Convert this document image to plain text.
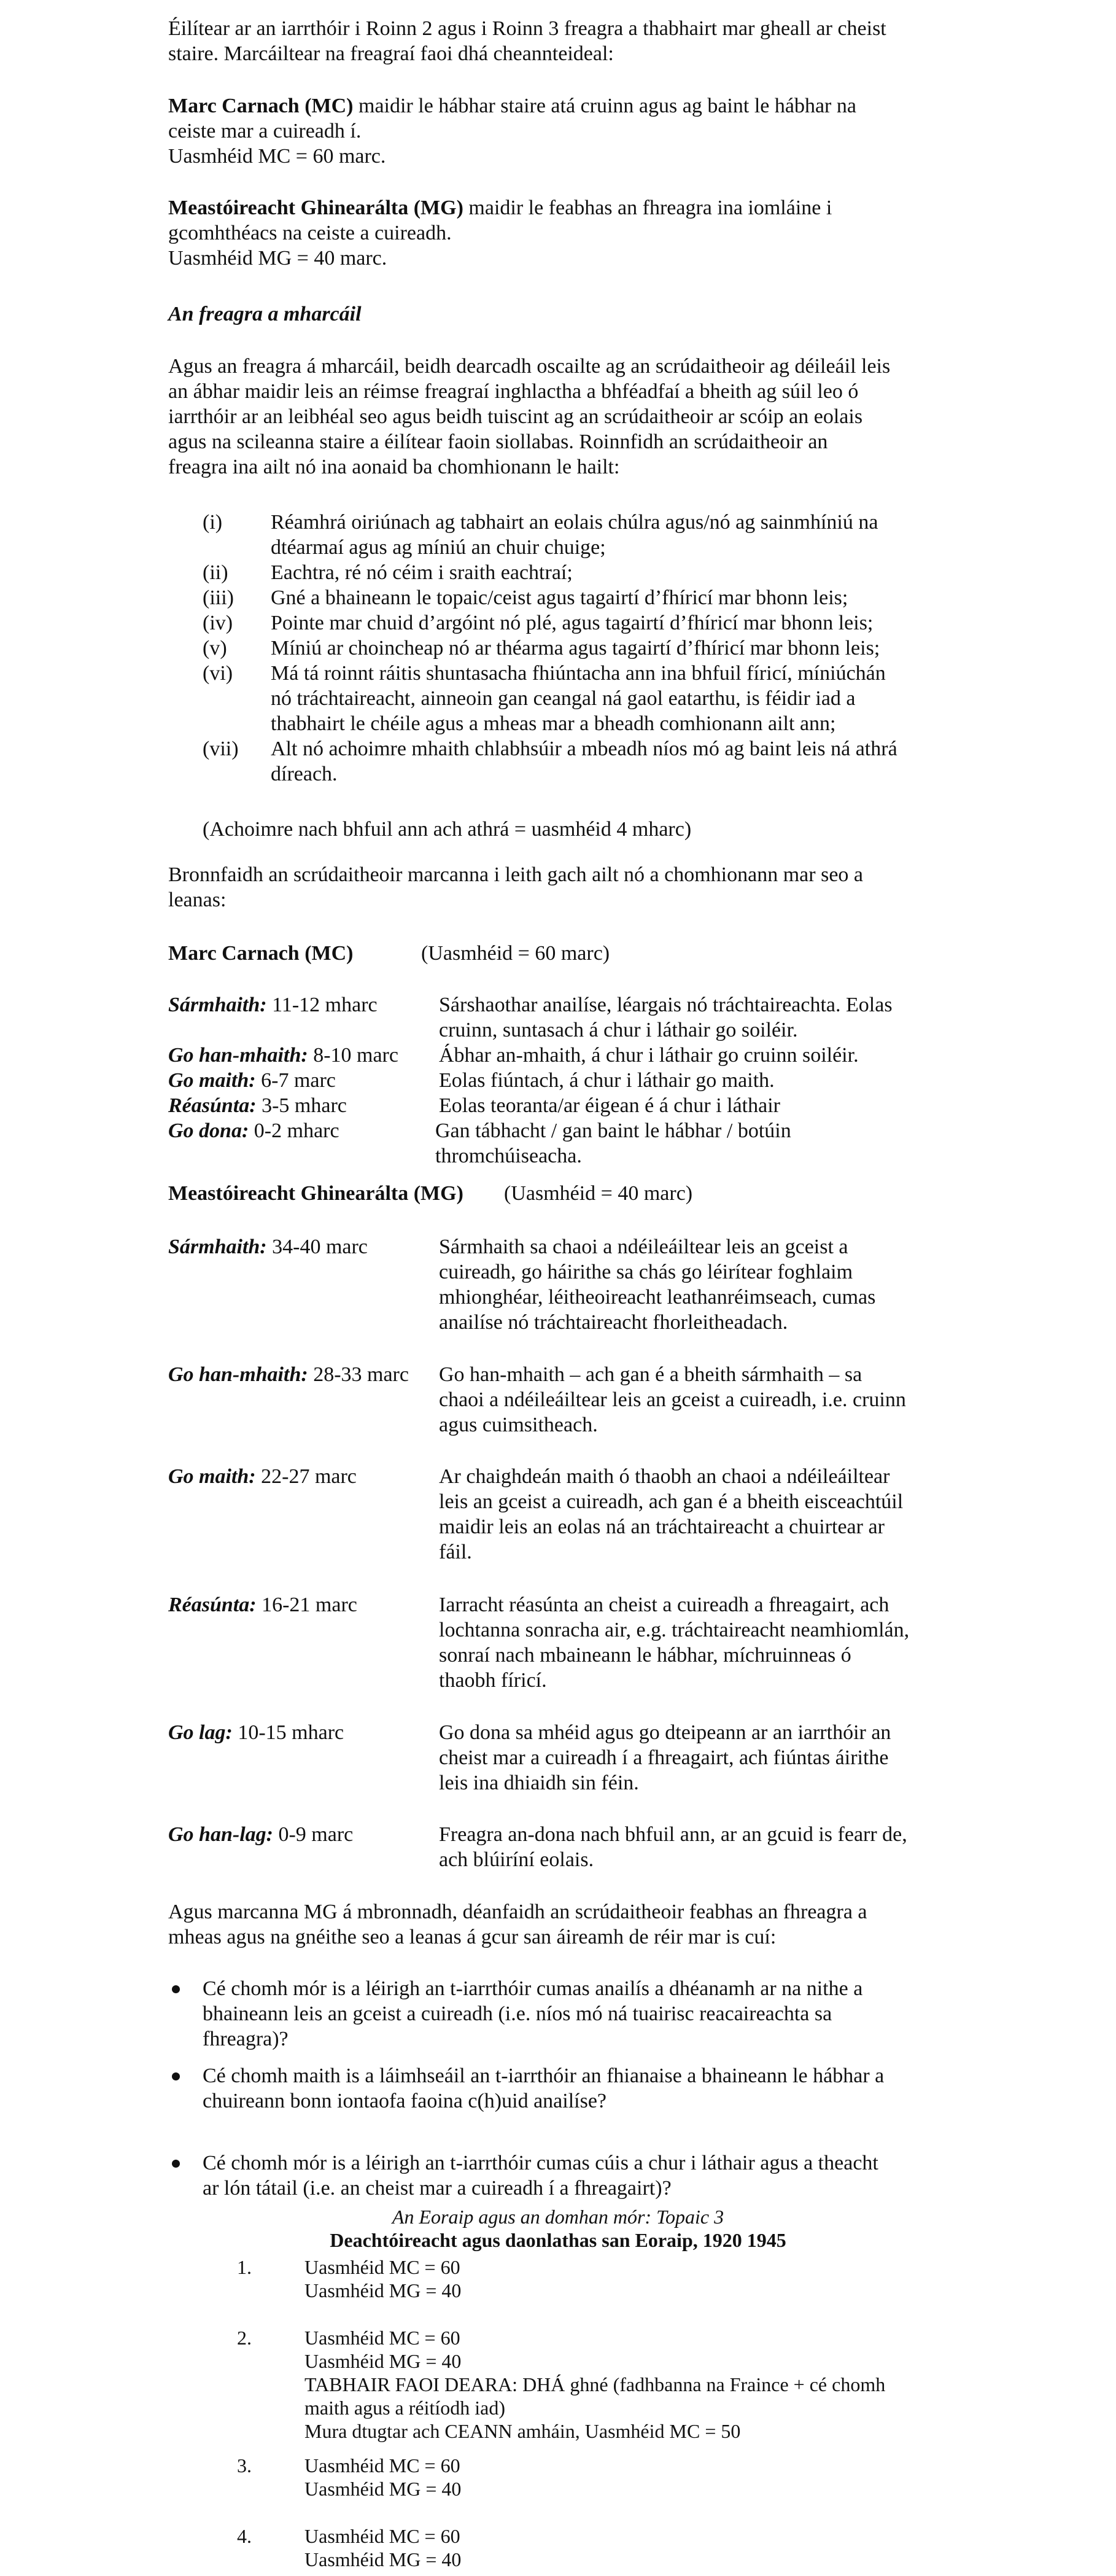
Éilítear ar an iarrthóir i Roinn 2 agus i Roinn 3 freagra a thabhairt mar gheall ar cheist
staire. Marcáiltear na freagraí faoi dhá cheannteideal:
Marc Carnach (MC) maidir le hábhar staire atá cruinn agus ag baint le hábhar na
ceiste mar a cuireadh í.
Uasmhéid MC = 60 marc.
Meastóireacht Ghinearálta (MG) maidir le feabhas an fhreagra ina iomláine i
gcomhthéacs na ceiste a cuireadh.
Uasmhéid MG = 40 marc.
An freagra a mharcáil
Agus an freagra á mharcáil, beidh dearcadh oscailte ag an scrúdaitheoir ag déileáil leis
an ábhar maidir leis an réimse freagraí inghlactha a bhféadfaí a bheith ag súil leo ó
iarrthóir ar an leibhéal seo agus beidh tuiscint ag an scrúdaitheoir ar scóip an eolais
agus na scileanna staire a éilítear faoin siollabas. Roinnfidh an scrúdaitheoir an
freagra ina ailt nó ina aonaid ba chomhionann le hailt:
(i) Réamhrá oiriúnach ag tabhairt an eolais chúlra agus/nó ag sainmhíniú na
dtéarmaí agus ag míniú an chuir chuige;
(ii) Eachtra, ré nó céim i sraith eachtraí;
(iii) Gné a bhaineann le topaic/ceist agus tagairtí d’fhíricí mar bhonn leis;
(iv) Pointe mar chuid d’argóint nó plé, agus tagairtí d’fhíricí mar bhonn leis;
(v) Míniú ar choincheap nó ar théarma agus tagairtí d’fhíricí mar bhonn leis;
(vi) Má tá roinnt ráitis shuntasacha fhiúntacha ann ina bhfuil fíricí, míniúchán
nó tráchtaireacht, ainneoin gan ceangal ná gaol eatarthu, is féidir iad a
thabhairt le chéile agus a mheas mar a bheadh comhionann ailt ann;
(vii) Alt nó achoimre mhaith chlabhsúir a mbeadh níos mó ag baint leis ná athrá
díreach.
(Achoimre nach bhfuil ann ach athrá = uasmhéid 4 mharc)
Bronnfaidh an scrúdaitheoir marcanna i leith gach ailt nó a chomhionann mar seo a
leanas:
Marc Carnach (MC)	(Uasmhéid = 60 marc)
Sármhaith: 11-12 mharc	Sárshaothar anailíse, léargais nó tráchtaireachta. Eolas
cruinn, suntasach á chur i láthair go soiléir.
Go han-mhaith: 8-10 marc Ábhar an-mhaith, á chur i láthair go cruinn soiléir.
Go maith: 6-7 marc	Eolas fiúntach, á chur i láthair go maith.
Réasúnta: 3-5 mharc	Eolas teoranta/ar éigean é á chur i láthair
Go dona: 0-2 mharc	Gan tábhacht / gan baint le hábhar / botúin
thromchúiseacha.
Meastóireacht Ghinearálta (MG) (Uasmhéid = 40 marc)
Sármhaith: 34-40 marc	Sármhaith sa chaoi a ndéileáiltear leis an gceist a
cuireadh, go háirithe sa chás go léirítear foghlaim
mhionghéar, léitheoireacht leathanréimseach, cumas
anailíse nó tráchtaireacht fhorleitheadach.
Go han-mhaith: 28-33 marc Go han-mhaith – ach gan é a bheith sármhaith – sa
chaoi a ndéileáiltear leis an gceist a cuireadh, i.e. cruinn
agus cuimsitheach.
Go maith: 22-27 marc	Ar chaighdeán maith ó thaobh an chaoi a ndéileáiltear
leis an gceist a cuireadh, ach gan é a bheith eisceachtúil
maidir leis an eolas ná an tráchtaireacht a chuirtear ar
fáil.
Réasúnta: 16-21 marc	Iarracht réasúnta an cheist a cuireadh a fhreagairt, ach
lochtanna sonracha air, e.g. tráchtaireacht neamhiomlán,
sonraí nach mbaineann le hábhar, míchruinneas ó
thaobh fíricí.
Go lag: 10-15 mharc	Go dona sa mhéid agus go dteipeann ar an iarrthóir an
cheist mar a cuireadh í a fhreagairt, ach fiúntas áirithe
leis ina dhiaidh sin féin.
Go han-lag: 0-9 marc	Freagra an-dona nach bhfuil ann, ar an gcuid is fearr de,
ach blúiríní eolais.
Agus marcanna MG á mbronnadh, déanfaidh an scrúdaitheoir feabhas an fhreagra a
mheas agus na gnéithe seo a leanas á gcur san áireamh de réir mar is cuí:
Cé chomh mór is a léirigh an t-iarrthóir cumas anailís a dhéanamh ar na nithe a
bhaineann leis an gceist a cuireadh (i.e. níos mó ná tuairisc reacaireachta sa
fhreagra)?
Cé chomh maith is a láimhseáil an t-iarrthóir an fhianaise a bhaineann le hábhar a
chuireann bonn iontaofa faoina c(h)uid anailíse?
Cé chomh mór is a léirigh an t-iarrthóir cumas cúis a chur i láthair agus a theacht
ar lón tátail (i.e. an cheist mar a cuireadh í a fhreagairt)?
An Eoraip agus an domhan mór: Topaic 3
Deachtóireacht agus daonlathas san Eoraip, 1920 1945
1.	Uasmhéid MC = 60
Uasmhéid MG = 40
2.	Uasmhéid MC = 60
Uasmhéid MG = 40
TABHAIR FAOI DEARA: DHÁ ghné (fadhbanna na Fraince + cé chomh
maith agus a réitíodh iad)
Mura dtugtar ach CEANN amháin, Uasmhéid MC = 50
3.	Uasmhéid MC = 60
Uasmhéid MG = 40
4.	Uasmhéid MC = 60
Uasmhéid MG = 40
